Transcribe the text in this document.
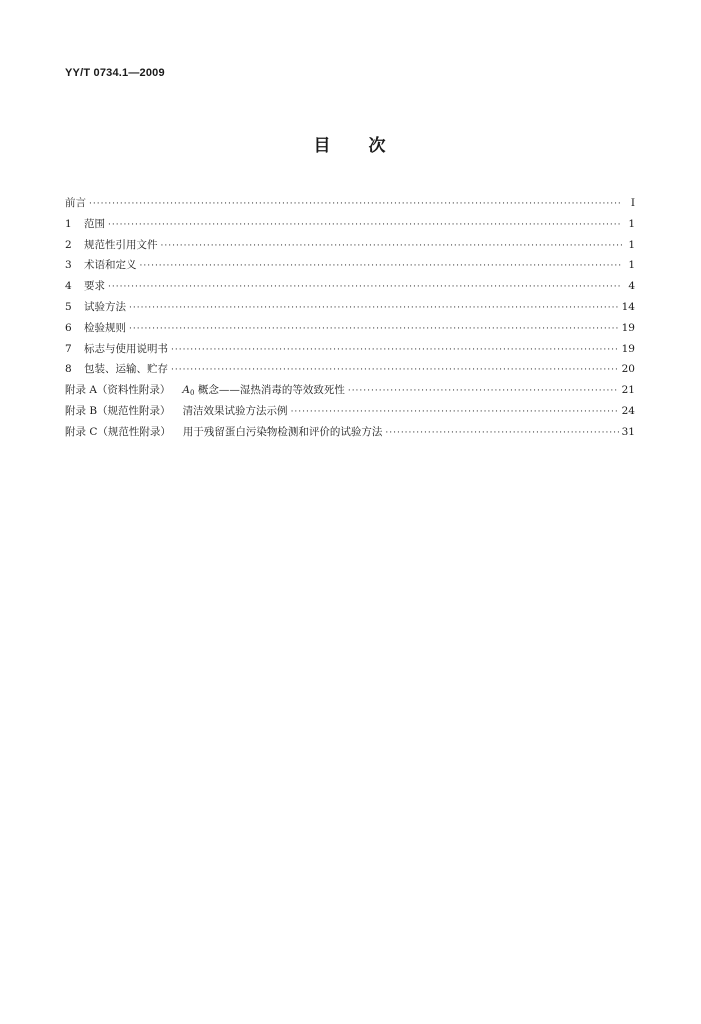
YY/T 0734.1—2009
目 次
前言 ·····	Ⅰ
1	范围 ·····	1
2	规范性引用文件 ·····	1
3	术语和定义 ·····	1
4	要求 ·····	4
5	试验方法 ·····	14
6	检验规则 ·····	19
7	标志与使用说明书 ·····	19
8	包装、运输、贮存 ·····	20
附录 A（资料性附录） A0 概念——湿热消毒的等效致死性 ·····	21
附录 B（规范性附录） 清洁效果试验方法示例 ·····	24
附录 C（规范性附录） 用于残留蛋白污染物检测和评价的试验方法 ·····	31
